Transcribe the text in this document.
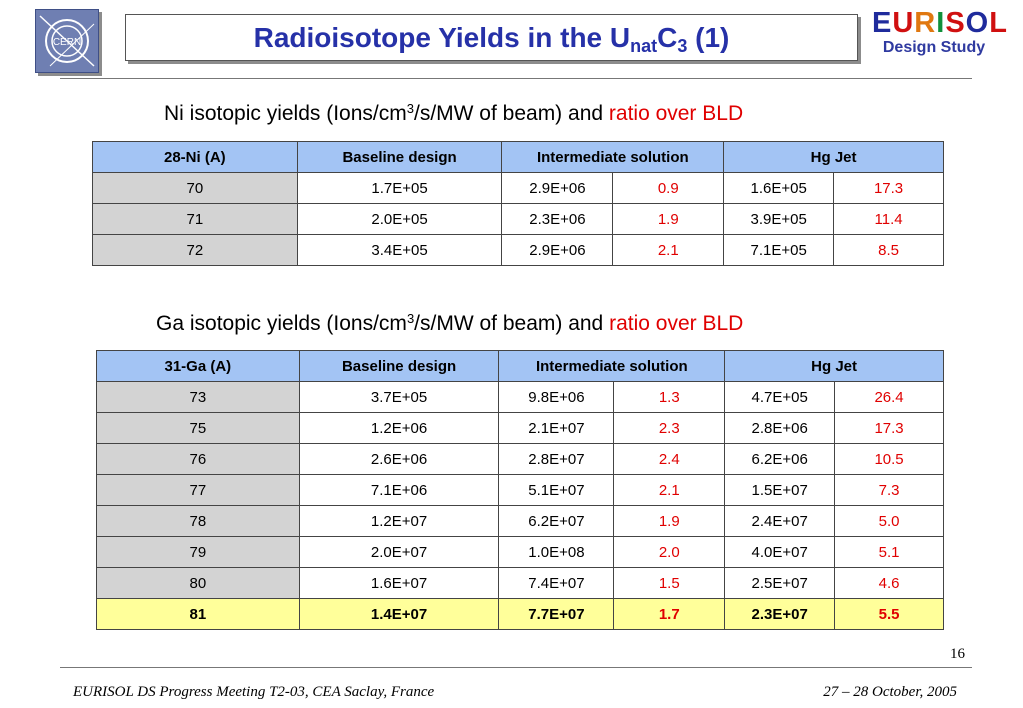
CERN	Radioisotope Yields in the $U_{nat}C_3$ (1)	EURISOL
Design Study
Ni isotopic yields ($Ions/cm^3/s/MW$ of beam) and ratio over BLD
28-Ni (A)	Baseline design	Intermediate solution		Hg Jet	
70	1.7E+05	2.9E+06	0.9	1.6E+05	17.3
71	2.0E+05	2.3E+06	1.9	3.9E+05	11.4
72	3.4E+05	2.9E+06	2.1	7.1E+05	8.5
Ga isotopic yields ($Ions/cm^3/s/MW$ of beam) and ratio over BLD
31-Ga (A)	Baseline design	Intermediate solution		Hg Jet	
73	3.7E+05	9.8E+06	1.3	4.7E+05	26.4
75	1.2E+06	2.1E+07	2.3	2.8E+06	17.3
76	2.6E+06	2.8E+07	2.4	6.2E+06	10.5
77	7.1E+06	5.1E+07	2.1	1.5E+07	7.3
78	1.2E+07	6.2E+07	1.9	2.4E+07	5.0
79	2.0E+07	1.0E+08	2.0	4.0E+07	5.1
80	1.6E+07	7.4E+07	1.5	2.5E+07	4.6
81	1.4E+07	7.7E+07	1.7	2.3E+07	5.5
16
EURISOL DS Progress Meeting T2-03, CEA Saclay, France	27 – 28 October, 2005
